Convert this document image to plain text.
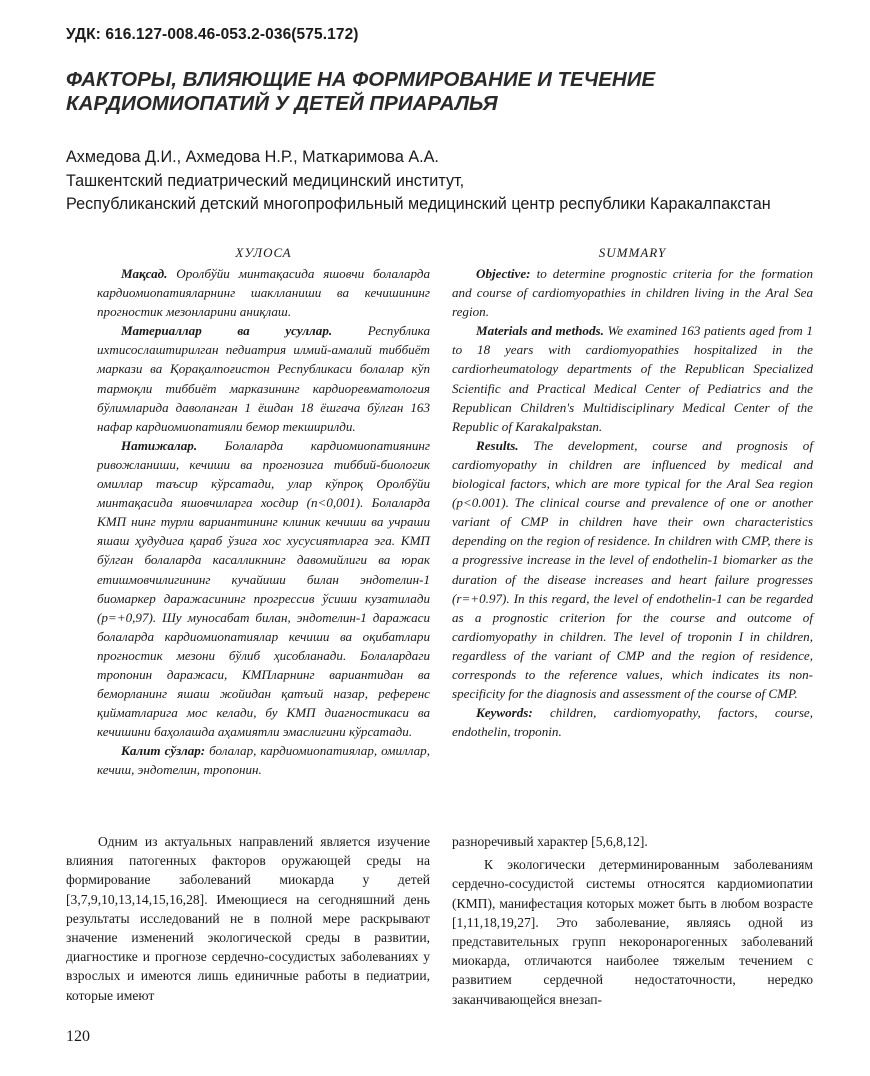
УДК: 616.127-008.46-053.2-036(575.172)
ФАКТОРЫ, ВЛИЯЮЩИЕ НА ФОРМИРОВАНИЕ И ТЕЧЕНИЕ КАРДИОМИОПАТИЙ У ДЕТЕЙ ПРИАРАЛЬЯ
Ахмедова Д.И., Ахмедова Н.Р., Маткаримова А.А.
Ташкентский педиатрический медицинский институт,
Республиканский детский многопрофильный медицинский центр республики Каракалпакстан
ХУЛОСА

Мақсад. Оролбўйи минтақасида яшовчи болаларда кардиомиопатияларнинг шаклланиши ва кечишининг прогностик мезонларини аниқлаш.

Материаллар ва усуллар.	Республика ихтисослаштирилган педиатрия илмий-амалий тиббиёт маркази ва Қорақалпоғистон Республикаси болалар кўп тармоқли тиббиёт марказининг кардиоревматология бўлимларида даволанган 1 ёшдан 18 ёшгача бўлган 163 нафар кардиомиопатияли бемор текширилди.

Натижалар. Болаларда кардиомиопатиянинг ривожланиши, кечиши ва прогнозига тиббий-биологик омиллар таъсир кўрсатади, улар кўпроқ Оролбўйи минтақасида яшовчиларга хосдир (n<0,001). Болаларда КМП нинг турли вариантининг клиник кечиши ва учраши яшаш ҳудудига қараб ўзига хос хусусиятларга эга. КМП бўлган болаларда касалликнинг давомийлиги ва юрак етишмовчилигининг кучайиши билан эндотелин-1 биомаркер даражасининг прогрессив ўсиши кузатилади (р=+0,97). Шу муносабат билан, эндотелин-1 даражаси болаларда кардиомиопатиялар кечиши ва оқибатлари прогностик мезони бўлиб ҳисобланади. Болалардаги тропонин даражаси, КМПларнинг вариантидан ва беморланинг яшаш жойидан қатъий назар, референс қийматларига мос келади, бу КМП диагностикаси ва кечишини баҳолашда аҳамиятли эмаслигини кўрсатади.

Калит сўзлар: болалар, кардиомиопатиялар, омиллар, кечиш, эндотелин, тропонин.

SUMMARY

Objective: to determine prognostic criteria for the formation and course of cardiomyopathies in children living in the Aral Sea region.

Materials and methods. We examined 163 patients aged from 1 to 18 years with cardiomyopathies hospitalized in the cardiorheumatology departments of the Republican Specialized Scientific and Practical Medical Center of Pediatrics and the Republican Children's Multidisciplinary Medical Center of the Republic of Karakalpakstan.

Results. The development, course and prognosis of cardiomyopathy in children are influenced by medical and biological factors, which are more typical for the Aral Sea region (p<0.001). The clinical course and prevalence of one or another variant of CMP in children have their own characteristics depending on the region of residence. In children with CMP, there is a progressive increase in the level of endothelin-1 biomarker as the duration of the disease increases and heart failure progresses (r=+0.97). In this regard, the level of endothelin-1 can be regarded as a prognostic criterion for the course and outcome of cardiomyopathy in children. The level of troponin I in children, regardless of the variant of CMP and the region of residence, corresponds to the reference values, which indicates its non-specificity for the diagnosis and assessment of the course of CMP.

Keywords: children, cardiomyopathy, factors, course, endothelin, troponin.

Одним из актуальных направлений является изучение влияния патогенных факторов оружающей среды на формирование заболеваний миокарда у детей [3,7,9,10,13,14,15,16,28]. Имеющиеся на сегодняшний день результаты исследований не в полной мере раскрывают значение изменений экологической среды в развитии, диагностике и прогнозе сердечно-сосудистых заболеваниях у взрослых и имеются лишь единичные работы в педиатрии, которые имеют

разноречивый характер [5,6,8,12].

К экологически детерминированным заболеваниям сердечно-сосудистой системы относятся кардиомиопатии (КМП), манифестация которых может быть в любом возрасте [1,11,18,19,27]. Это заболевание, являясь одной из представительных групп некоронарогенных заболеваний миокарда, отличаются наиболее тяжелым течением с развитием сердечной недостаточности, нередко заканчивающейся внезап-

120
